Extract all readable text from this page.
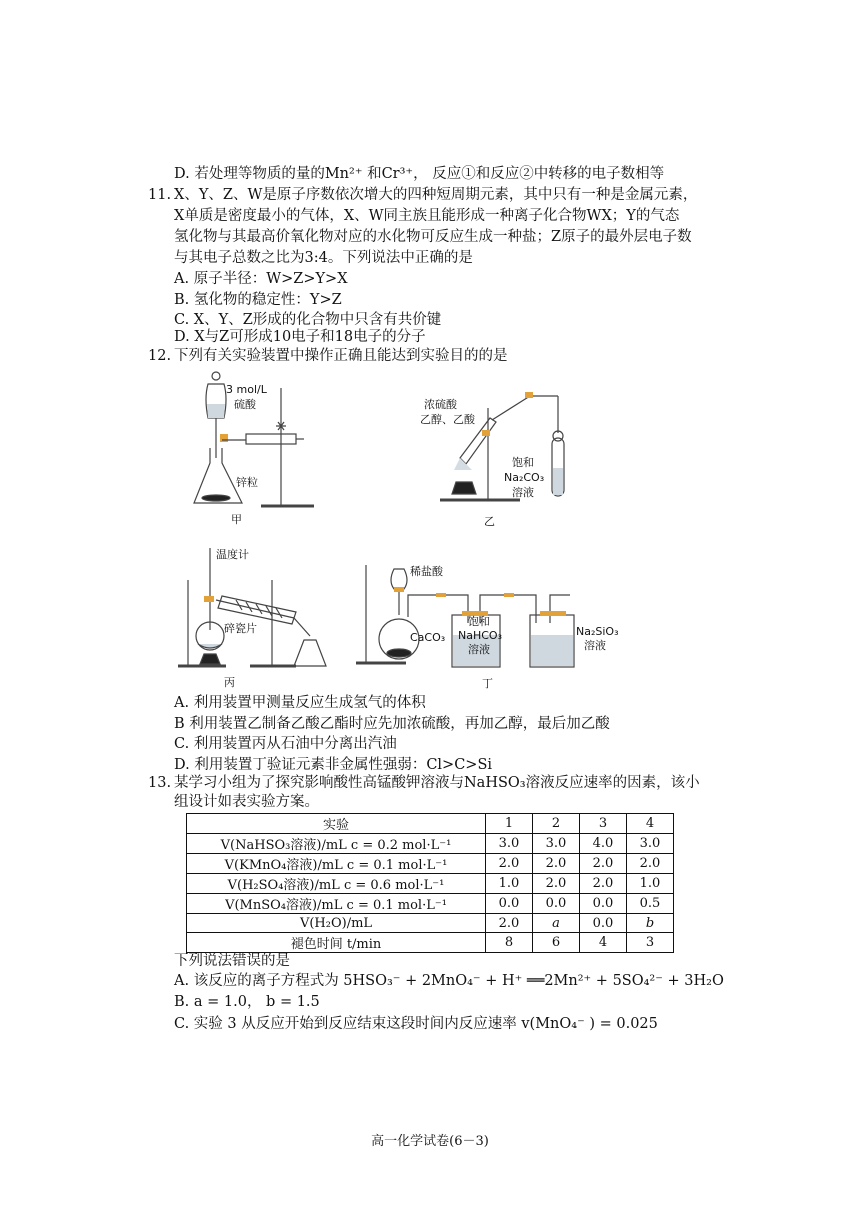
D. 若处理等物质的量的Mn²⁺ 和Cr³⁺， 反应①和反应②中转移的电子数相等
11. X、Y、Z、W是原子序数依次增大的四种短周期元素，其中只有一种是金属元素，
X单质是密度最小的气体，X、W同主族且能形成一种离子化合物WX；Y的气态
氢化物与其最高价氧化物对应的水化物可反应生成一种盐；Z原子的最外层电子数
与其电子总数之比为3:4。下列说法中正确的是
A. 原子半径：W>Z>Y>X
B. 氢化物的稳定性：Y>Z
C. X、Y、Z形成的化合物中只含有共价键
D. X与Z可形成10电子和18电子的分子
12. 下列有关实验装置中操作正确且能达到实验目的的是
3 mol/L
硫酸
锌粒
甲
浓硫酸
乙醇、乙酸
饱和
Na₂CO₃
溶液
乙
温度计
碎瓷片
丙
稀盐酸
CaCO₃
饱和
NaHCO₃
溶液
Na₂SiO₃
溶液
丁
A. 利用装置甲测量反应生成氢气的体积
B 利用装置乙制备乙酸乙酯时应先加浓硫酸，再加乙醇，最后加乙酸
C. 利用装置丙从石油中分离出汽油
D. 利用装置丁验证元素非金属性强弱：Cl>C>Si
13. 某学习小组为了探究影响酸性高锰酸钾溶液与NaHSO₃溶液反应速率的因素，该小
组设计如表实验方案。
实验	1	2	3	4
V(NaHSO₃溶液)/mL c = 0.2 mol·L⁻¹	3.0	3.0	4.0	3.0
V(KMnO₄溶液)/mL c = 0.1 mol·L⁻¹	2.0	2.0	2.0	2.0
V(H₂SO₄溶液)/mL c = 0.6 mol·L⁻¹	1.0	2.0	2.0	1.0
V(MnSO₄溶液)/mL c = 0.1 mol·L⁻¹	0.0	0.0	0.0	0.5
V(H₂O)/mL	2.0	a	0.0	b
褪色时间 t/min	8	6	4	3
下列说法错误的是
A. 该反应的离子方程式为 5HSO₃⁻ + 2MnO₄⁻ + H⁺ ══2Mn²⁺ + 5SO₄²⁻ + 3H₂O
B. a = 1.0， b = 1.5
C. 实验 3 从反应开始到反应结束这段时间内反应速率 v(MnO₄⁻ ) = 0.025
高一化学试卷(6－3)
